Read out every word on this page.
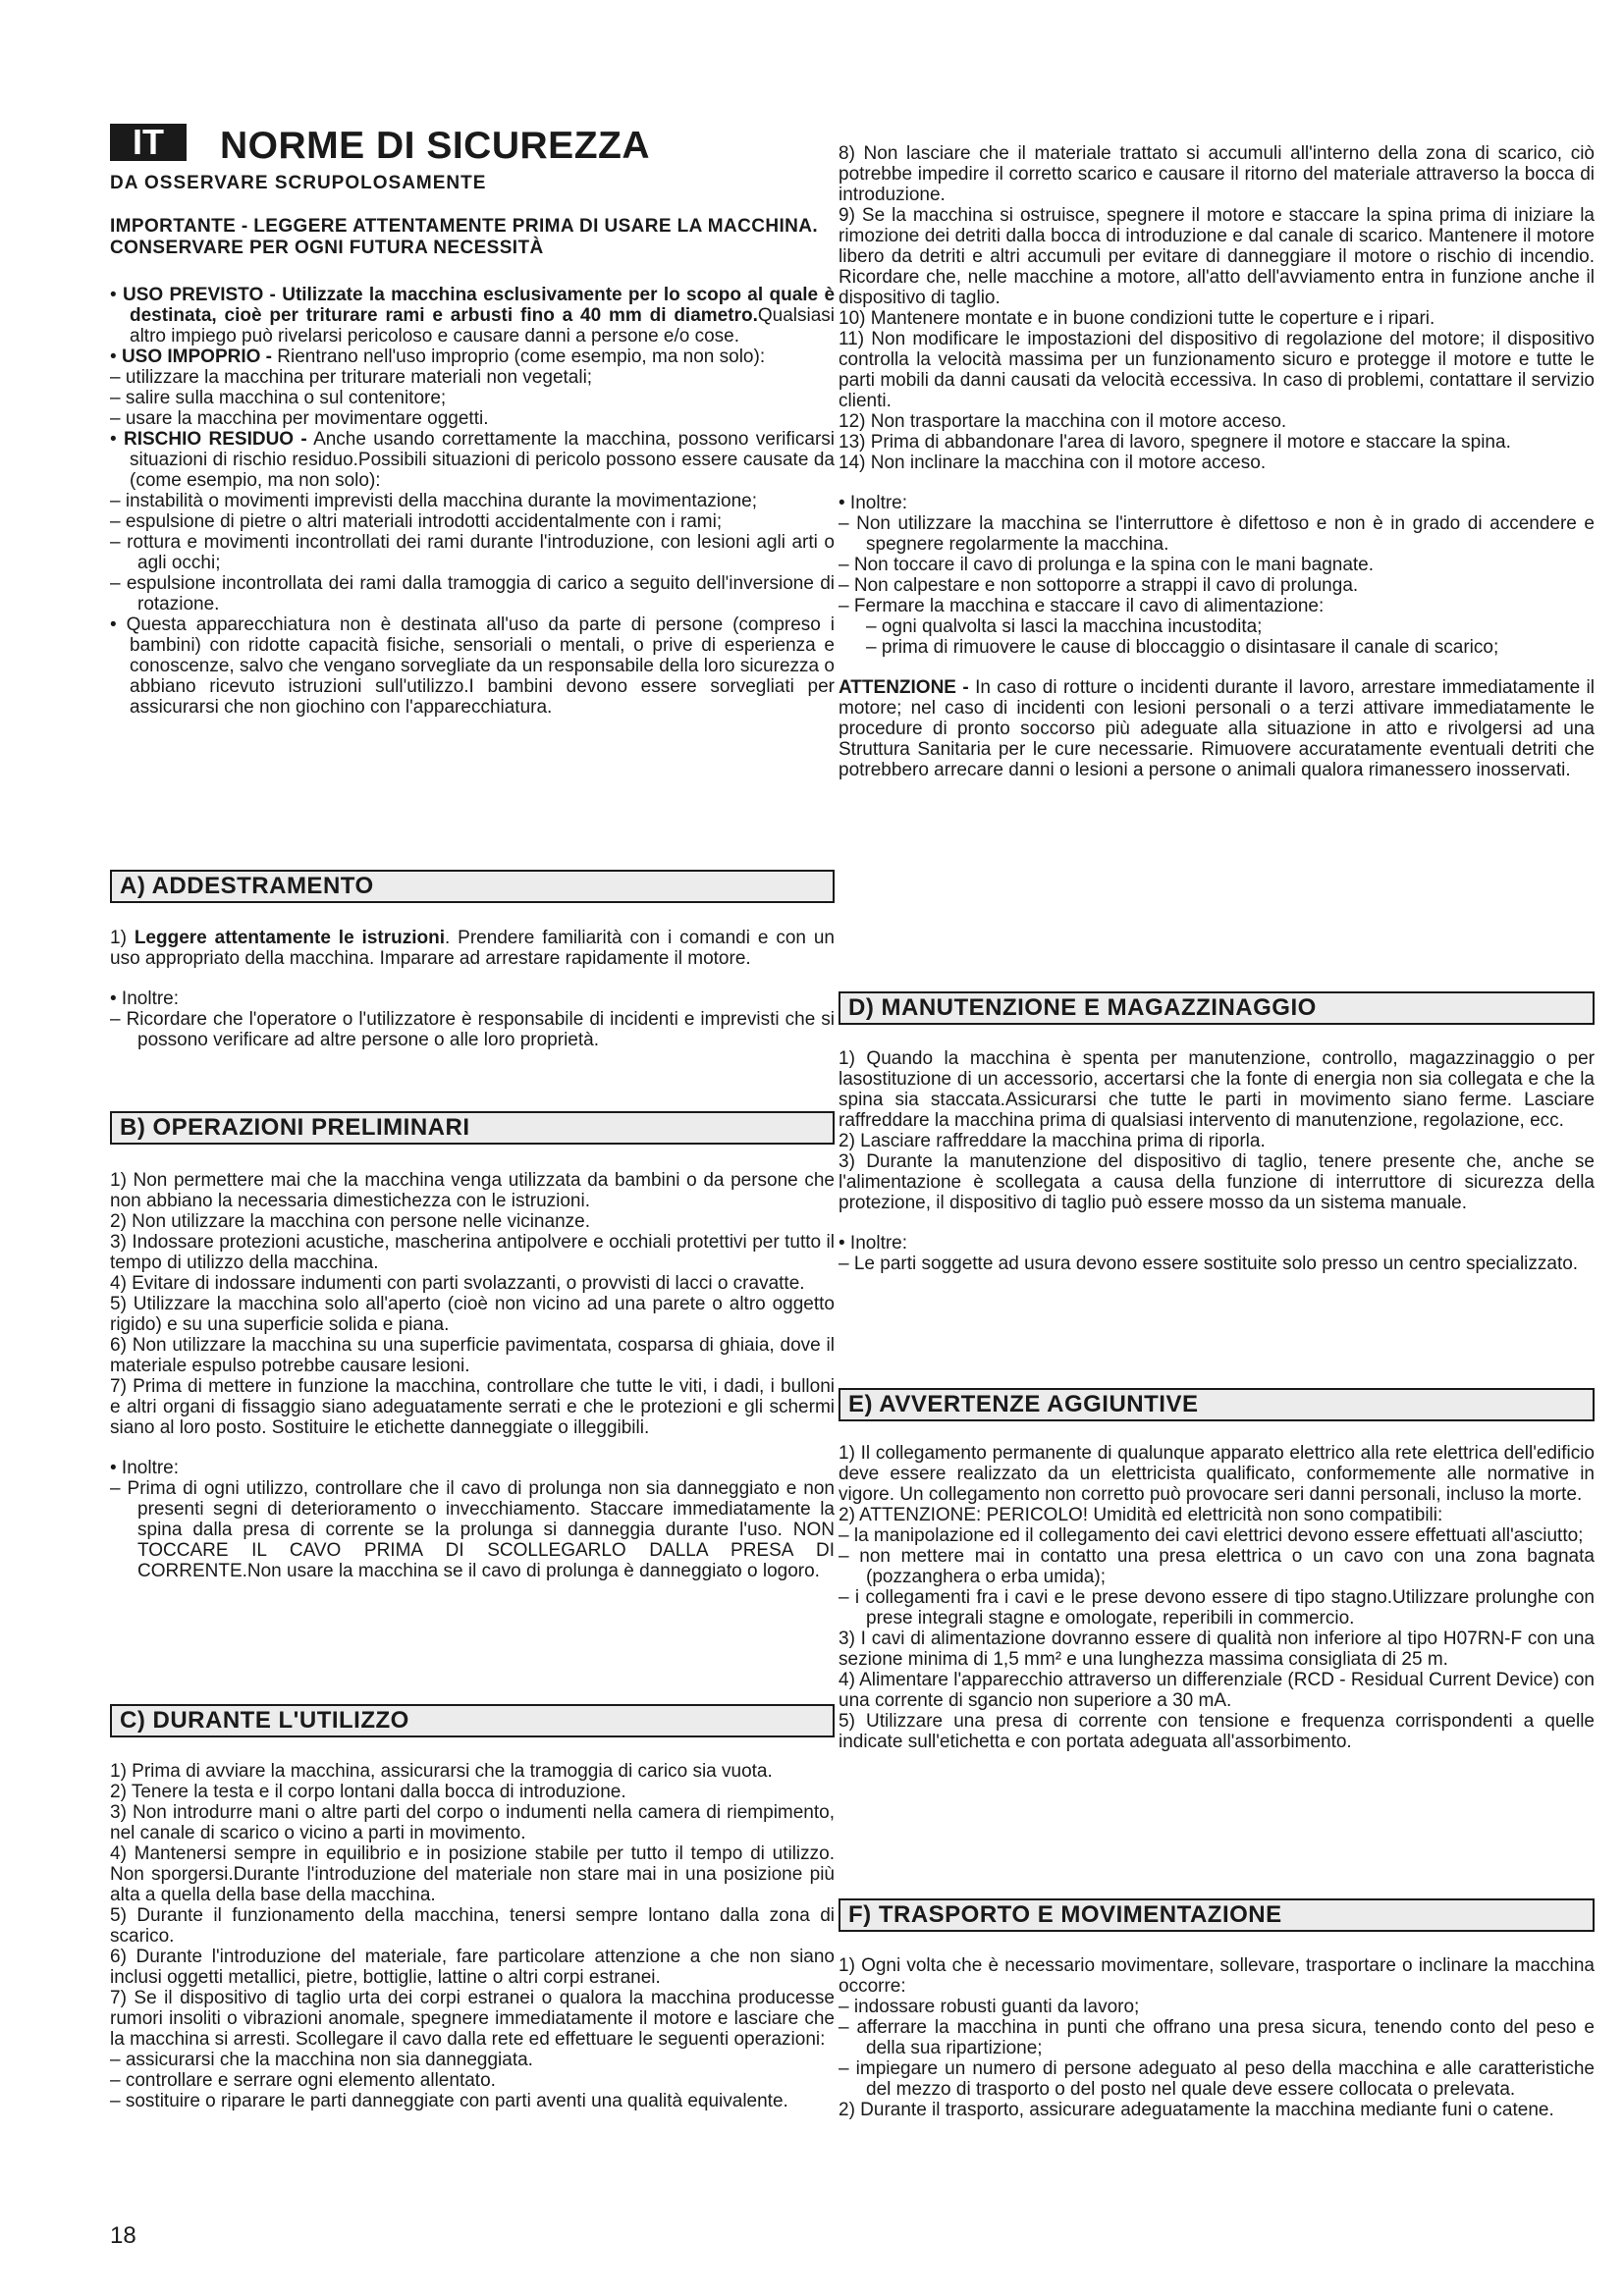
IT	NORME DI SICUREZZA
DA OSSERVARE SCRUPOLOSAMENTE
IMPORTANTE - LEGGERE ATTENTAMENTE PRIMA DI USARE LA MACCHINA. CONSERVARE PER OGNI FUTURA NECESSITÀ

• USO PREVISTO - Utilizzate la macchina esclusivamente per lo scopo al quale è destinata, cioè per triturare rami e arbusti fino a 40 mm di diametro.Qualsiasi altro impiego può rivelarsi pericoloso e causare danni a persone e/o cose.

• USO IMPOPRIO - Rientrano nell'uso improprio (come esempio, ma non solo):

– utilizzare la macchina per triturare materiali non vegetali;

– salire sulla macchina o sul contenitore;

– usare la macchina per movimentare oggetti.

• RISCHIO RESIDUO - Anche usando correttamente la macchina, possono verificarsi situazioni di rischio residuo.Possibili situazioni di pericolo possono essere causate da (come esempio, ma non solo):

– instabilità o movimenti imprevisti della macchina durante la movimentazione;

– espulsione di pietre o altri materiali introdotti accidentalmente con i rami;

– rottura e movimenti incontrollati dei rami durante l'introduzione, con lesioni agli arti o agli occhi;

– espulsione incontrollata dei rami dalla tramoggia di carico a seguito dell'inversione di rotazione.

• Questa apparecchiatura non è destinata all'uso da parte di persone (compreso i bambini) con ridotte capacità fisiche, sensoriali o mentali, o prive di esperienza e conoscenze, salvo che vengano sorvegliate da un responsabile della loro sicurezza o abbiano ricevuto istruzioni sull'utilizzo.I bambini devono essere sorvegliati per assicurarsi che non giochino con l'apparecchiatura.

A) ADDESTRAMENTO

1) Leggere attentamente le istruzioni. Prendere familiarità con i comandi e con un uso appropriato della macchina. Imparare ad arrestare rapidamente il motore.

• Inoltre:

– Ricordare che l'operatore o l'utilizzatore è responsabile di incidenti e imprevisti che si possono verificare ad altre persone o alle loro proprietà.

B) OPERAZIONI PRELIMINARI

1) Non permettere mai che la macchina venga utilizzata da bambini o da persone che non abbiano la necessaria dimestichezza con le istruzioni.

2) Non utilizzare la macchina con persone nelle vicinanze.

3) Indossare protezioni acustiche, mascherina antipolvere e occhiali protettivi per tutto il tempo di utilizzo della macchina.

4) Evitare di indossare indumenti con parti svolazzanti, o provvisti di lacci o cravatte.

5) Utilizzare la macchina solo all'aperto (cioè non vicino ad una parete o altro oggetto rigido) e su una superficie solida e piana.

6) Non utilizzare la macchina su una superficie pavimentata, cosparsa di ghiaia, dove il materiale espulso potrebbe causare lesioni.

7) Prima di mettere in funzione la macchina, controllare che tutte le viti, i dadi, i bulloni e altri organi di fissaggio siano adeguatamente serrati e che le protezioni e gli schermi siano al loro posto. Sostituire le etichette danneggiate o illeggibili.

• Inoltre:

– Prima di ogni utilizzo, controllare che il cavo di prolunga non sia danneggiato e non presenti segni di deterioramento o invecchiamento. Staccare immediatamente la spina dalla presa di corrente se la prolunga si danneggia durante l'uso. NON TOCCARE IL CAVO PRIMA DI SCOLLEGARLO DALLA PRESA DI CORRENTE.Non usare la macchina se il cavo di prolunga è danneggiato o logoro.

C) DURANTE L'UTILIZZO

1) Prima di avviare la macchina, assicurarsi che la tramoggia di carico sia vuota.

2) Tenere la testa e il corpo lontani dalla bocca di introduzione.

3) Non introdurre mani o altre parti del corpo o indumenti nella camera di riempimento, nel canale di scarico o vicino a parti in movimento.

4) Mantenersi sempre in equilibrio e in posizione stabile per tutto il tempo di utilizzo. Non sporgersi.Durante l'introduzione del materiale non stare mai in una posizione più alta a quella della base della macchina.

5) Durante il funzionamento della macchina, tenersi sempre lontano dalla zona di scarico.

6) Durante l'introduzione del materiale, fare particolare attenzione a che non siano inclusi oggetti metallici, pietre, bottiglie, lattine o altri corpi estranei.

7) Se il dispositivo di taglio urta dei corpi estranei o qualora la macchina producesse rumori insoliti o vibrazioni anomale, spegnere immediatamente il motore e lasciare che la macchina si arresti. Scollegare il cavo dalla rete ed effettuare le seguenti operazioni:

– assicurarsi che la macchina non sia danneggiata.

– controllare e serrare ogni elemento allentato.

– sostituire o riparare le parti danneggiate con parti aventi una qualità equivalente.

18

8) Non lasciare che il materiale trattato si accumuli all'interno della zona di scarico, ciò potrebbe impedire il corretto scarico e causare il ritorno del materiale attraverso la bocca di introduzione.

9) Se la macchina si ostruisce, spegnere il motore e staccare la spina prima di iniziare la rimozione dei detriti dalla bocca di introduzione e dal canale di scarico. Mantenere il motore libero da detriti e altri accumuli per evitare di danneggiare il motore o rischio di incendio. Ricordare che, nelle macchine a motore, all'atto dell'avviamento entra in funzione anche il dispositivo di taglio.

10) Mantenere montate e in buone condizioni tutte le coperture e i ripari.

11) Non modificare le impostazioni del dispositivo di regolazione del motore; il dispositivo controlla la velocità massima per un funzionamento sicuro e protegge il motore e tutte le parti mobili da danni causati da velocità eccessiva. In caso di problemi, contattare il servizio clienti.

12) Non trasportare la macchina con il motore acceso.

13) Prima di abbandonare l'area di lavoro, spegnere il motore e staccare la spina.

14) Non inclinare la macchina con il motore acceso.

• Inoltre:

– Non utilizzare la macchina se l'interruttore è difettoso e non è in grado di accendere e spegnere regolarmente la macchina.

– Non toccare il cavo di prolunga e la spina con le mani bagnate.

– Non calpestare e non sottoporre a strappi il cavo di prolunga.

– Fermare la macchina e staccare il cavo di alimentazione:

– ogni qualvolta si lasci la macchina incustodita;

– prima di rimuovere le cause di bloccaggio o disintasare il canale di scarico;

ATTENZIONE - In caso di rotture o incidenti durante il lavoro, arrestare immediatamente il motore; nel caso di incidenti con lesioni personali o a terzi attivare immediatamente le procedure di pronto soccorso più adeguate alla situazione in atto e rivolgersi ad una Struttura Sanitaria per le cure necessarie. Rimuovere accuratamente eventuali detriti che potrebbero arrecare danni o lesioni a persone o animali qualora rimanessero inosservati.

D) MANUTENZIONE E MAGAZZINAGGIO

1) Quando la macchina è spenta per manutenzione, controllo, magazzinaggio o per lasostituzione di un accessorio, accertarsi che la fonte di energia non sia collegata e che la spina sia staccata.Assicurarsi che tutte le parti in movimento siano ferme. Lasciare raffreddare la macchina prima di qualsiasi intervento di manutenzione, regolazione, ecc.

2) Lasciare raffreddare la macchina prima di riporla.

3) Durante la manutenzione del dispositivo di taglio, tenere presente che, anche se l'alimentazione è scollegata a causa della funzione di interruttore di sicurezza della protezione, il dispositivo di taglio può essere mosso da un sistema manuale.

• Inoltre:

– Le parti soggette ad usura devono essere sostituite solo presso un centro specializzato.

E) AVVERTENZE AGGIUNTIVE

1) Il collegamento permanente di qualunque apparato elettrico alla rete elettrica dell'edificio deve essere realizzato da un elettricista qualificato, conformemente alle normative in vigore. Un collegamento non corretto può provocare seri danni personali, incluso la morte.

2) ATTENZIONE: PERICOLO! Umidità ed elettricità non sono compatibili:

– la manipolazione ed il collegamento dei cavi elettrici devono essere effettuati all'asciutto;

– non mettere mai in contatto una presa elettrica o un cavo con una zona bagnata (pozzanghera o erba umida);

– i collegamenti fra i cavi e le prese devono essere di tipo stagno.Utilizzare prolunghe con prese integrali stagne e omologate, reperibili in commercio.

3) I cavi di alimentazione dovranno essere di qualità non inferiore al tipo H07RN-F con una sezione minima di 1,5 mm² e una lunghezza massima consigliata di 25 m.

4) Alimentare l'apparecchio attraverso un differenziale (RCD - Residual Current Device) con una corrente di sgancio non superiore a 30 mA.

5) Utilizzare una presa di corrente con tensione e frequenza corrispondenti a quelle indicate sull'etichetta e con portata adeguata all'assorbimento.

F) TRASPORTO E MOVIMENTAZIONE

1) Ogni volta che è necessario movimentare, sollevare, trasportare o inclinare la macchina occorre:

– indossare robusti guanti da lavoro;

– afferrare la macchina in punti che offrano una presa sicura, tenendo conto del peso e della sua ripartizione;

– impiegare un numero di persone adeguato al peso della macchina e alle caratteristiche del mezzo di trasporto o del posto nel quale deve essere collocata o prelevata.

2) Durante il trasporto, assicurare adeguatamente la macchina mediante funi o catene.
